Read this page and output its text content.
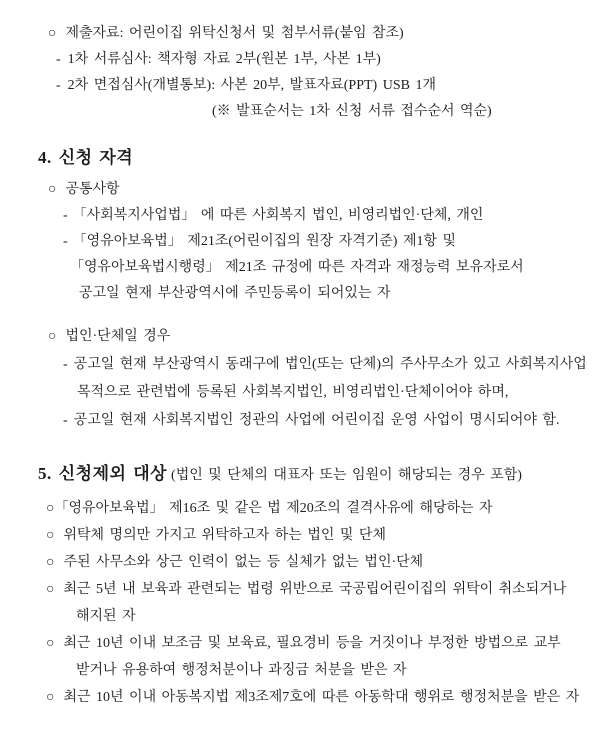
○ 제출자료: 어린이집 위탁신청서 및 첨부서류(붙임 참조)
- 1차 서류심사: 책자형 자료 2부(원본 1부, 사본 1부)
- 2차 면접심사(개별통보): 사본 20부, 발표자료(PPT) USB 1개
(※ 발표순서는 1차 신청 서류 접수순서 역순)
4. 신청 자격
○ 공통사항
- 「사회복지사업법」 에 따른 사회복지 법인, 비영리법인·단체, 개인
- 「영유아보육법」 제21조(어린이집의 원장 자격기준) 제1항 및
「영유아보육법시행령」 제21조 규정에 따른 자격과 재정능력 보유자로서
공고일 현재 부산광역시에 주민등록이 되어있는 자
○ 법인·단체일 경우
- 공고일 현재 부산광역시 동래구에 법인(또는 단체)의 주사무소가 있고 사회복지사업
목적으로 관련법에 등록된 사회복지법인, 비영리법인·단체이어야 하며,
- 공고일 현재 사회복지법인 정관의 사업에 어린이집 운영 사업이 명시되어야 함.
5. 신청제외 대상 (법인 및 단체의 대표자 또는 임원이 해당되는 경우 포함)
○「영유아보육법」 제16조 및 같은 법 제20조의 결격사유에 해당하는 자
○ 위탁체 명의만 가지고 위탁하고자 하는 법인 및 단체
○ 주된 사무소와 상근 인력이 없는 등 실체가 없는 법인·단체
○ 최근 5년 내 보육과 관련되는 법령 위반으로 국공립어린이집의 위탁이 취소되거나
해지된 자
○ 최근 10년 이내 보조금 및 보육료, 필요경비 등을 거짓이나 부정한 방법으로 교부
받거나 유용하여 행정처분이나 과징금 처분을 받은 자
○ 최근 10년 이내 아동복지법 제3조제7호에 따른 아동학대 행위로 행정처분을 받은 자
